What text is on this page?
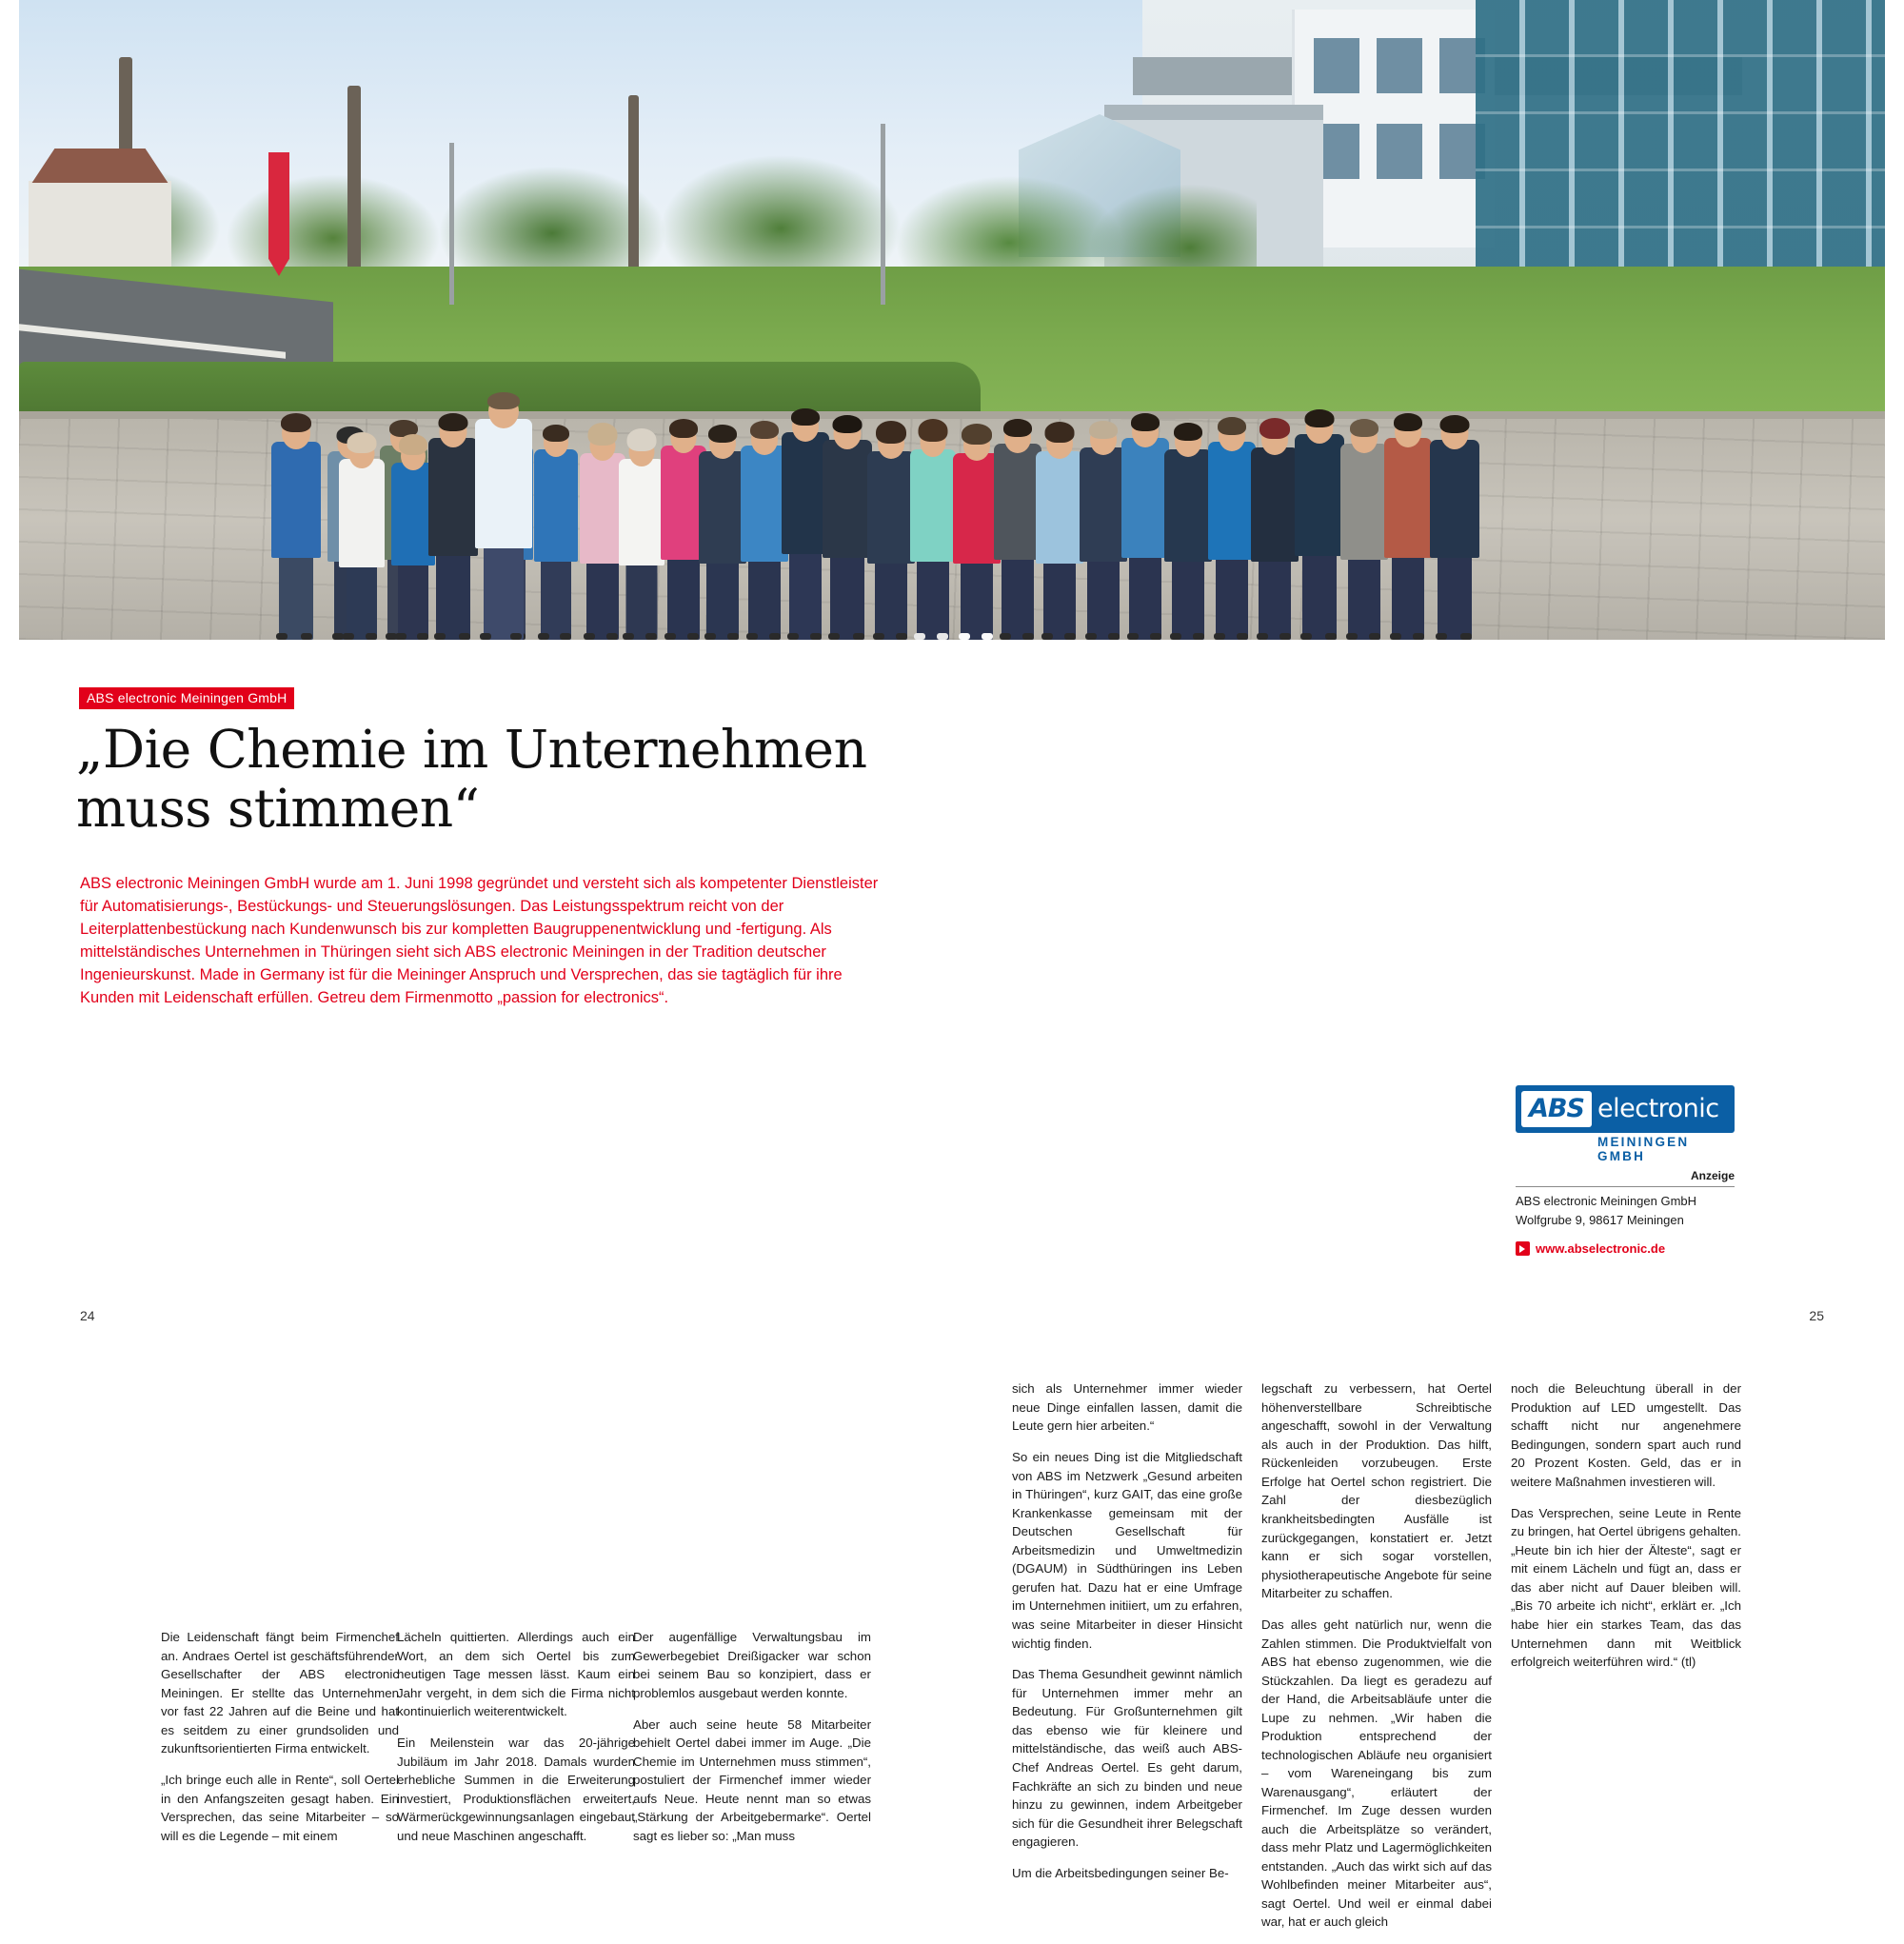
ABS electronic Meiningen GmbH
„Die Chemie im Unternehmen muss stimmen“

ABS electronic Meiningen GmbH wurde am 1. Juni 1998 gegründet und versteht sich als kompetenter Dienstleister für Automatisierungs-, Bestückungs- und Steuerungslösungen. Das Leistungsspektrum reicht von der Leiterplattenbestückung nach Kundenwunsch bis zur kompletten Baugruppenentwicklung und -fertigung. Als mittelständisches Unternehmen in Thüringen sieht sich ABS electronic Meiningen in der Tradition deutscher Ingenieurskunst. Made in Germany ist für die Meininger Anspruch und Versprechen, das sie tagtäglich für ihre Kunden mit Leidenschaft erfüllen. Getreu dem Firmenmotto „passion for electronics“.

Die Leidenschaft fängt beim Firmenchef an. Andraes Oertel ist geschäftsführender Gesellschafter der ABS electronic Meiningen. Er stellte das Unternehmen vor fast 22 Jahren auf die Beine und hat es seitdem zu einer grundsoliden und zukunftsorientierten Firma entwickelt.

„Ich bringe euch alle in Rente“, soll Oertel in den Anfangszeiten gesagt haben. Ein Versprechen, das seine Mitarbeiter – so will es die Legende – mit einem

Lächeln quittierten. Allerdings auch ein Wort, an dem sich Oertel bis zum heutigen Tage messen lässt. Kaum ein Jahr vergeht, in dem sich die Firma nicht kontinuierlich weiterentwickelt.

Ein Meilenstein war das 20-jährige Jubiläum im Jahr 2018. Damals wurden erhebliche Summen in die Erweiterung investiert, Produktionsflächen erweitert, Wärmerückgewinnungsanlagen eingebaut und neue Maschinen angeschafft.

Der augenfällige Verwaltungsbau im Gewerbegebiet Dreißigacker war schon bei seinem Bau so konzipiert, dass er problemlos ausgebaut werden konnte.

Aber auch seine heute 58 Mitarbeiter behielt Oertel dabei immer im Auge. „Die Chemie im Unternehmen muss stimmen“, postuliert der Firmenchef immer wieder aufs Neue. Heute nennt man so etwas „Stärkung der Arbeitgebermarke“. Oertel sagt es lieber so: „Man muss

sich als Unternehmer immer wieder neue Dinge einfallen lassen, damit die Leute gern hier arbeiten.“

So ein neues Ding ist die Mitgliedschaft von ABS im Netzwerk „Gesund arbeiten in Thüringen“, kurz GAIT, das eine große Krankenkasse gemeinsam mit der Deutschen Gesellschaft für Arbeitsmedizin und Umweltmedizin (DGAUM) in Südthüringen ins Leben gerufen hat. Dazu hat er eine Umfrage im Unternehmen initiiert, um zu erfahren, was seine Mitarbeiter in dieser Hinsicht wichtig finden.

Das Thema Gesundheit gewinnt nämlich für Unternehmen immer mehr an Bedeutung. Für Großunternehmen gilt das ebenso wie für kleinere und mittelständische, das weiß auch ABS-Chef Andreas Oertel. Es geht darum, Fachkräfte an sich zu binden und neue hinzu zu gewinnen, indem Arbeitgeber sich für die Gesundheit ihrer Belegschaft engagieren.

Um die Arbeitsbedingungen seiner Be-

legschaft zu verbessern, hat Oertel höhenverstellbare Schreibtische angeschafft, sowohl in der Verwaltung als auch in der Produktion. Das hilft, Rückenleiden vorzubeugen. Erste Erfolge hat Oertel schon registriert. Die Zahl der diesbezüglich krankheitsbedingten Ausfälle ist zurückgegangen, konstatiert er. Jetzt kann er sich sogar vorstellen, physiotherapeutische Angebote für seine Mitarbeiter zu schaffen.

Das alles geht natürlich nur, wenn die Zahlen stimmen. Die Produktvielfalt von ABS hat ebenso zugenommen, wie die Stückzahlen. Da liegt es geradezu auf der Hand, die Arbeitsabläufe unter die Lupe zu nehmen. „Wir haben die Produktion entsprechend der technologischen Abläufe neu organisiert – vom Wareneingang bis zum Warenausgang“, erläutert der Firmenchef. Im Zuge dessen wurden auch die Arbeitsplätze so verändert, dass mehr Platz und Lagermöglichkeiten entstanden. „Auch das wirkt sich auf das Wohlbefinden meiner Mitarbeiter aus“, sagt Oertel. Und weil er einmal dabei war, hat er auch gleich

noch die Beleuchtung überall in der Produktion auf LED umgestellt. Das schafft nicht nur angenehmere Bedingungen, sondern spart auch rund 20 Prozent Kosten. Geld, das er in weitere Maßnahmen investieren will.

Das Versprechen, seine Leute in Rente zu bringen, hat Oertel übrigens gehalten. „Heute bin ich hier der Älteste“, sagt er mit einem Lächeln und fügt an, dass er das aber nicht auf Dauer bleiben will. „Bis 70 arbeite ich nicht“, erklärt er. „Ich habe hier ein starkes Team, das das Unternehmen dann mit Weitblick erfolgreich weiterführen wird.“ (tl)

ABS electronic
MEININGEN GMBH
Anzeige
ABS electronic Meiningen GmbH
Wolfgrube 9, 98617 Meiningen
www.abselectronic.de
24	25
